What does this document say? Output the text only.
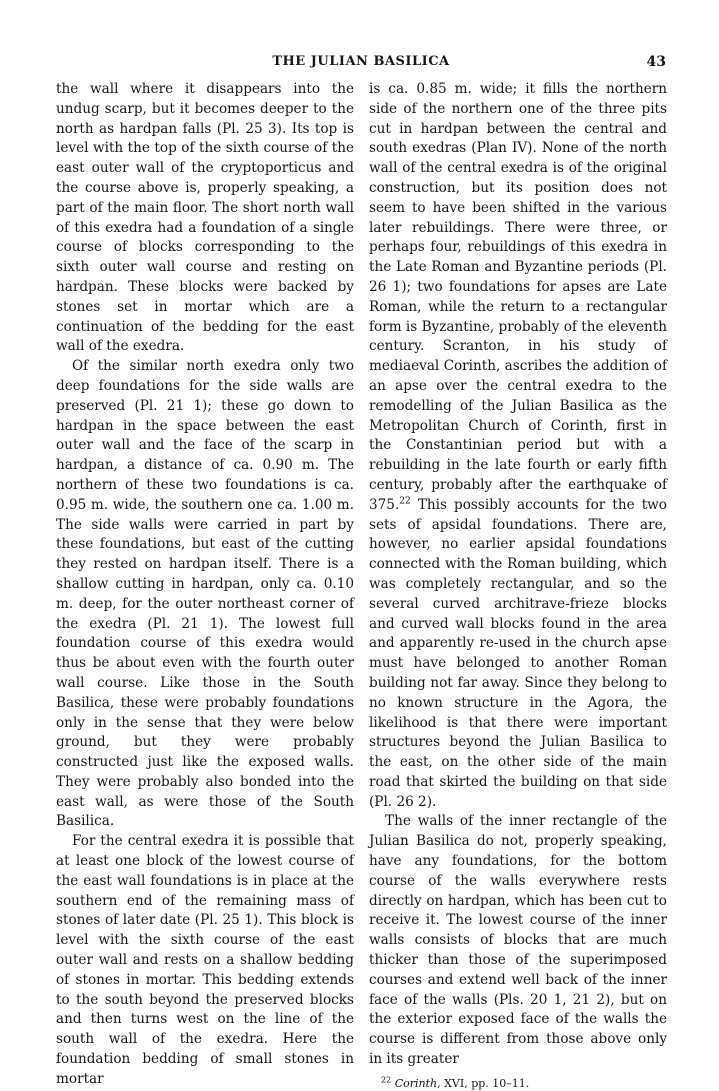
THE JULIAN BASILICA	43

the wall where it disappears into the undug scarp, but it becomes deeper to the north as hardpan falls (Pl. 25 3). Its top is level with the top of the sixth course of the east outer wall of the cryptoporticus and the course above is, properly speaking, a part of the main floor. The short north wall of this exedra had a foundation of a single course of blocks corresponding to the sixth outer wall course and resting on hardpan. These blocks were backed by stones set in mortar which are a continuation of the bedding for the east wall of the exedra.

Of the similar north exedra only two deep foundations for the side walls are preserved (Pl. 21 1); these go down to hardpan in the space between the east outer wall and the face of the scarp in hardpan, a distance of ca. 0.90 m. The northern of these two foundations is ca. 0.95 m. wide, the southern one ca. 1.00 m. The side walls were carried in part by these foundations, but east of the cutting they rested on hardpan itself. There is a shallow cutting in hardpan, only ca. 0.10 m. deep, for the outer northeast corner of the exedra (Pl. 21 1). The lowest full foundation course of this exedra would thus be about even with the fourth outer wall course. Like those in the South Basilica, these were probably foundations only in the sense that they were below ground, but they were probably constructed just like the exposed walls. They were probably also bonded into the east wall, as were those of the South Basilica.

For the central exedra it is possible that at least one block of the lowest course of the east wall foundations is in place at the southern end of the remaining mass of stones of later date (Pl. 25 1). This block is level with the sixth course of the east outer wall and rests on a shallow bedding of stones in mortar. This bedding extends to the south beyond the preserved blocks and then turns west on the line of the south wall of the exedra. Here the foundation bedding of small stones in mortar

is ca. 0.85 m. wide; it fills the northern side of the northern one of the three pits cut in hardpan between the central and south exedras (Plan IV). None of the north wall of the central exedra is of the original construction, but its position does not seem to have been shifted in the various later rebuildings. There were three, or perhaps four, rebuildings of this exedra in the Late Roman and Byzantine periods (Pl. 26 1); two foundations for apses are Late Roman, while the return to a rectangular form is Byzantine, probably of the eleventh century. Scranton, in his study of mediaeval Corinth, ascribes the addition of an apse over the central exedra to the remodelling of the Julian Basilica as the Metropolitan Church of Corinth, first in the Constantinian period but with a rebuilding in the late fourth or early fifth century, probably after the earthquake of 375.22 This possibly accounts for the two sets of apsidal foundations. There are, however, no earlier apsidal foundations connected with the Roman building, which was completely rectangular, and so the several curved architrave-frieze blocks and curved wall blocks found in the area and apparently re-used in the church apse must have belonged to another Roman building not far away. Since they belong to no known structure in the Agora, the likelihood is that there were important structures beyond the Julian Basilica to the east, on the other side of the main road that skirted the building on that side (Pl. 26 2).

The walls of the inner rectangle of the Julian Basilica do not, properly speaking, have any foundations, for the bottom course of the walls everywhere rests directly on hardpan, which has been cut to receive it. The lowest course of the inner walls consists of blocks that are much thicker than those of the superimposed courses and extend well back of the inner face of the walls (Pls. 20 1, 21 2), but on the exterior exposed face of the walls the course is different from those above only in its greater

$^{22}$ Corinth, XVI, pp. 10–11.
